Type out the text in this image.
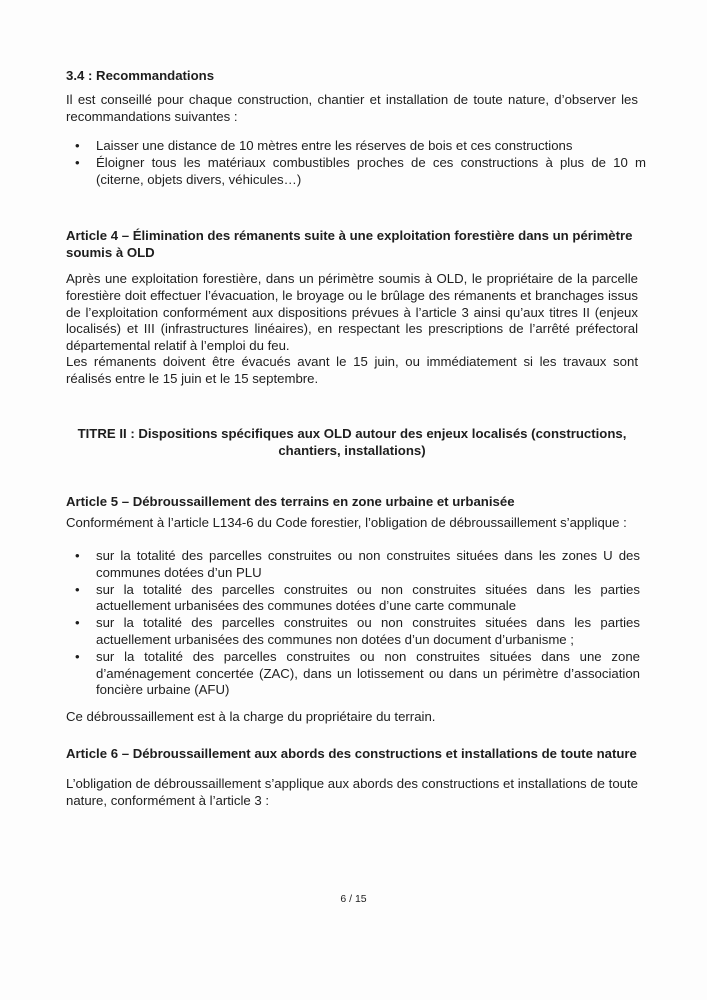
3.4 : Recommandations
Il est conseillé pour chaque construction, chantier et installation de toute nature, d’observer les recommandations suivantes :
• Laisser une distance de 10 mètres entre les réserves de bois et ces constructions
• Éloigner tous les matériaux combustibles proches de ces constructions à plus de 10 m (citerne, objets divers, véhicules…)
Article 4 – Élimination des rémanents suite à une exploitation forestière dans un périmètre soumis à OLD
Après une exploitation forestière, dans un périmètre soumis à OLD, le propriétaire de la parcelle forestière doit effectuer l’évacuation, le broyage ou le brûlage des rémanents et branchages issus de l’exploitation conformément aux dispositions prévues à l’article 3 ainsi qu’aux titres II (enjeux localisés) et III (infrastructures linéaires), en respectant les prescriptions de l’arrêté préfectoral départemental relatif à l’emploi du feu.
Les rémanents doivent être évacués avant le 15 juin, ou immédiatement si les travaux sont réalisés entre le 15 juin et le 15 septembre.
TITRE II : Dispositions spécifiques aux OLD autour des enjeux localisés (constructions,
chantiers, installations)
Article 5 – Débroussaillement des terrains en zone urbaine et urbanisée
Conformément à l’article L134-6 du Code forestier, l’obligation de débroussaillement s’applique :
• sur la totalité des parcelles construites ou non construites situées dans les zones U des communes dotées d’un PLU
• sur la totalité des parcelles construites ou non construites situées dans les parties actuellement urbanisées des communes dotées d’une carte communale
• sur la totalité des parcelles construites ou non construites situées dans les parties actuellement urbanisées des communes non dotées d’un document d’urbanisme ;
• sur la totalité des parcelles construites ou non construites situées dans une zone d’aménagement concertée (ZAC), dans un lotissement ou dans un périmètre d’association foncière urbaine (AFU)
Ce débroussaillement est à la charge du propriétaire du terrain.
Article 6 – Débroussaillement aux abords des constructions et installations de toute nature
L’obligation de débroussaillement s’applique aux abords des constructions et installations de toute nature, conformément à l’article 3 :
6 / 15
